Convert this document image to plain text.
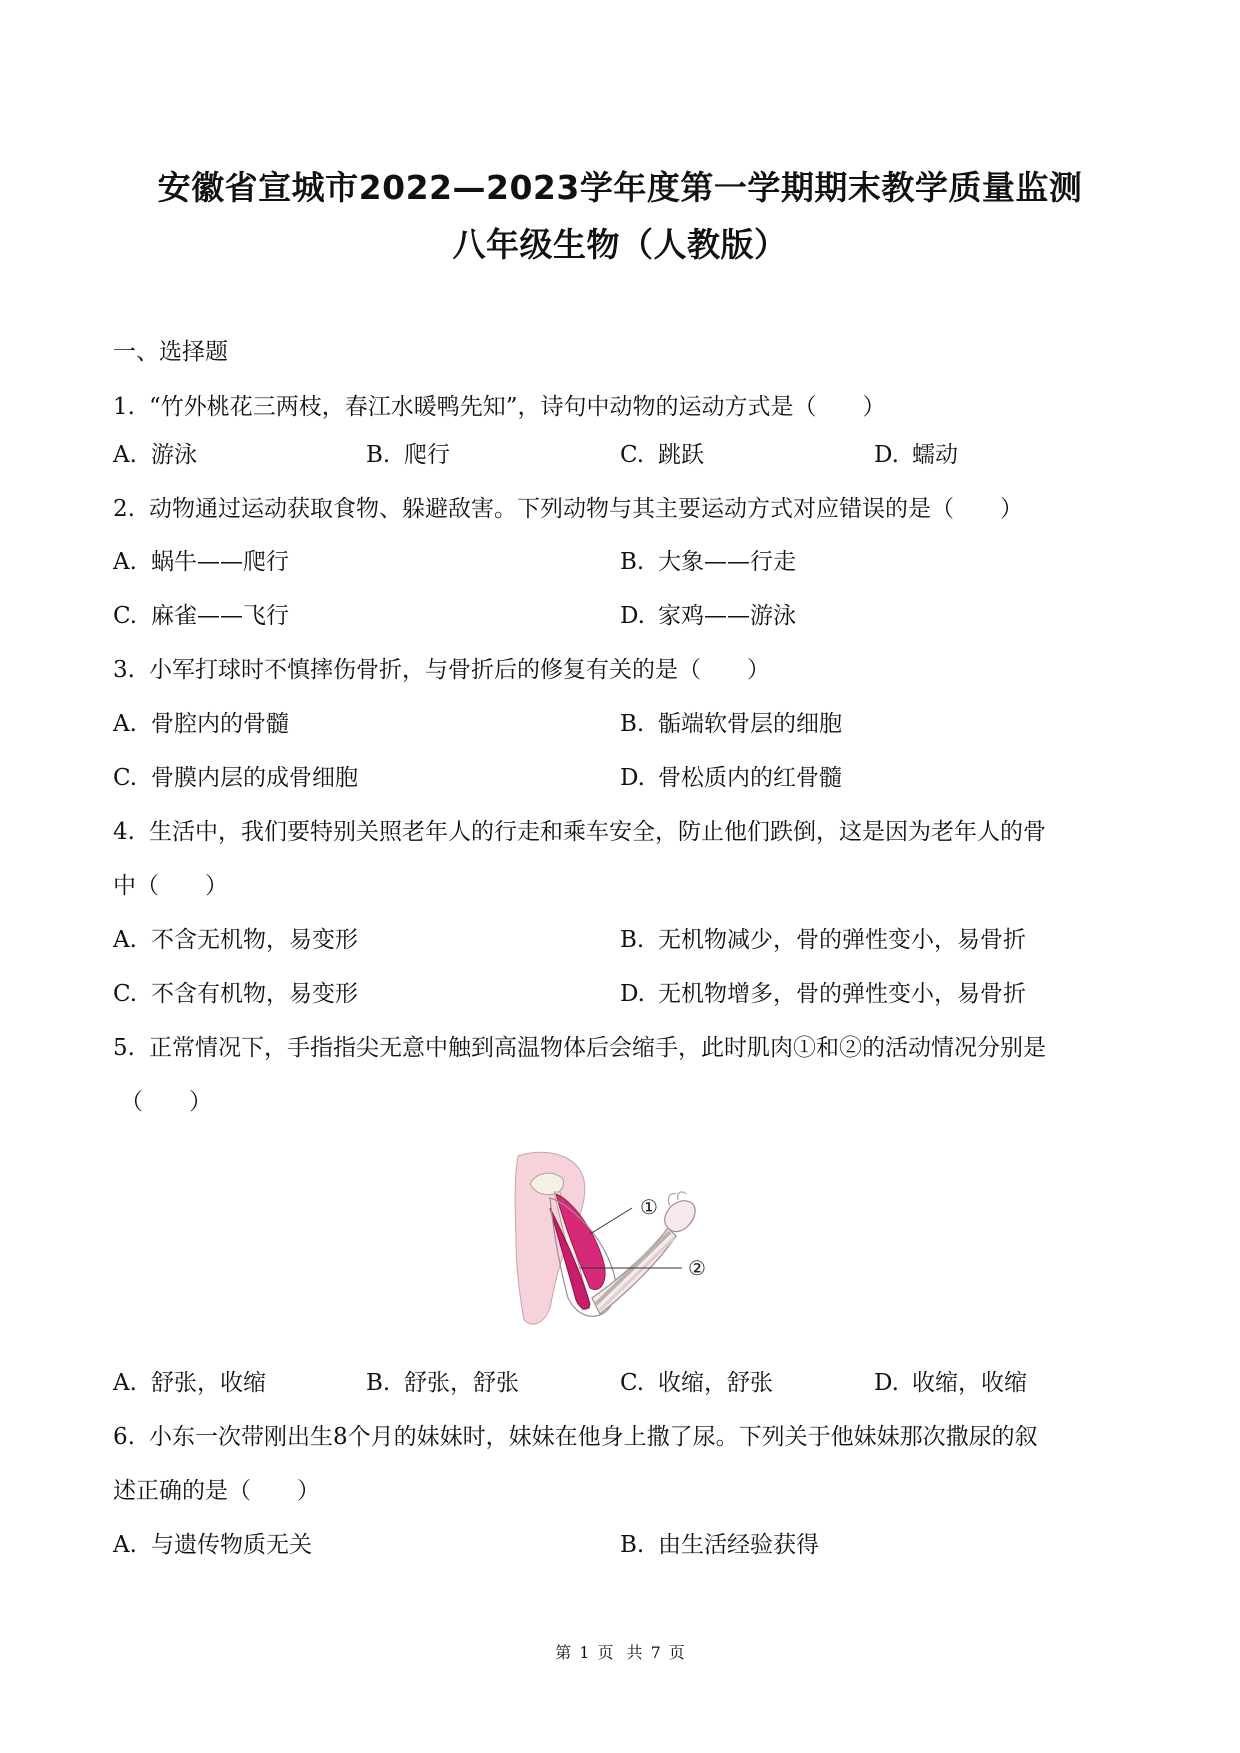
安徽省宣城市2022—2023学年度第一学期期末教学质量监测
八年级生物（人教版）
一、选择题
1. “竹外桃花三两枝，春江水暖鸭先知”，诗句中动物的运动方式是（　　）
A. 游泳	B. 爬行	C. 跳跃	D. 蠕动
2. 动物通过运动获取食物、躲避敌害。下列动物与其主要运动方式对应错误的是（　　）
A. 蜗牛——爬行	B. 大象——行走
C. 麻雀——飞行	D. 家鸡——游泳
3. 小军打球时不慎摔伤骨折，与骨折后的修复有关的是（　　）
A. 骨腔内的骨髓	B. 骺端软骨层的细胞
C. 骨膜内层的成骨细胞	D. 骨松质内的红骨髓
4. 生活中，我们要特别关照老年人的行走和乘车安全，防止他们跌倒，这是因为老年人的骨
中（　　）
A. 不含无机物，易变形	B. 无机物减少，骨的弹性变小，易骨折
C. 不含有机物，易变形	D. 无机物增多，骨的弹性变小，易骨折
5. 正常情况下，手指指尖无意中触到高温物体后会缩手，此时肌肉①和②的活动情况分别是
（　　）
①
②
A. 舒张，收缩	B. 舒张，舒张	C. 收缩，舒张	D. 收缩，收缩
6. 小东一次带刚出生8个月的妹妹时，妹妹在他身上撒了尿。下列关于他妹妹那次撒尿的叙
述正确的是（　　）
A. 与遗传物质无关	B. 由生活经验获得
第 1 页 共 7 页
